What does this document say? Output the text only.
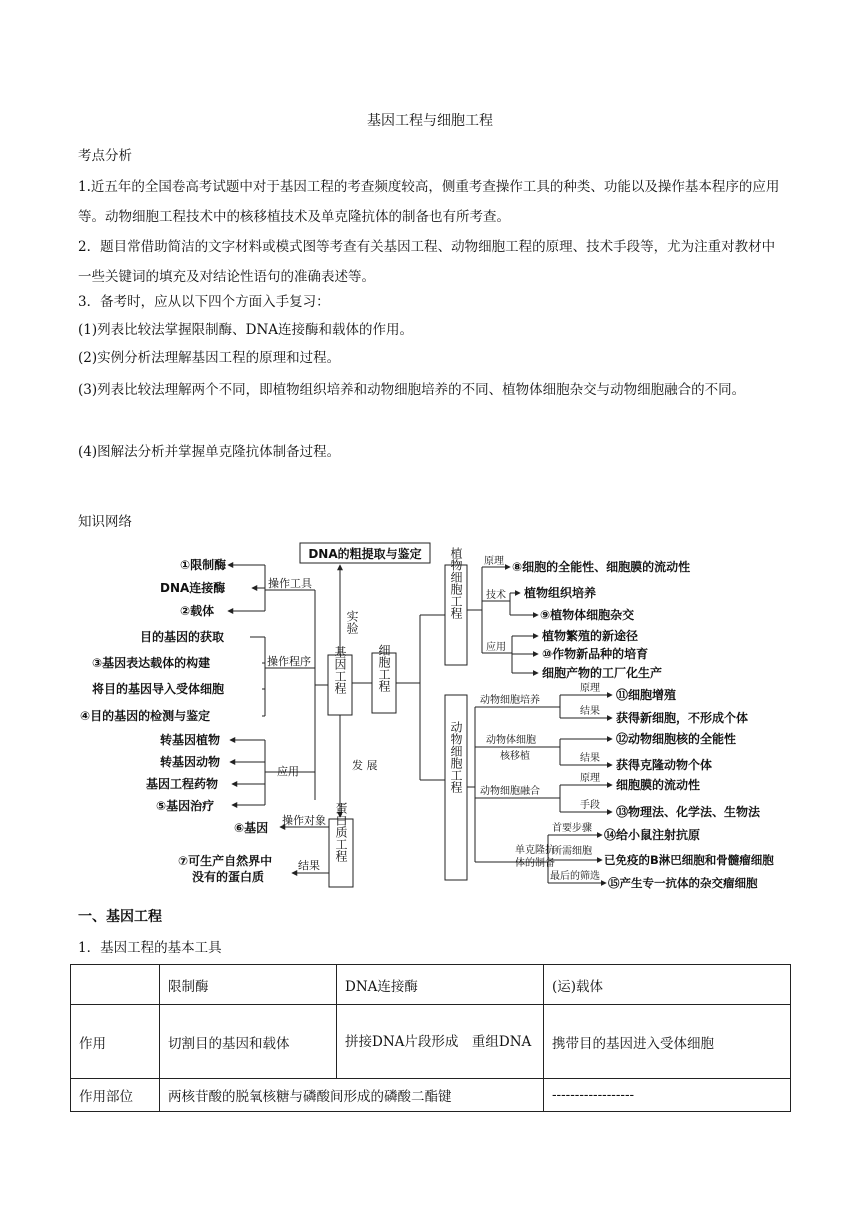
基因工程与细胞工程
考点分析
1.近五年的全国卷高考试题中对于基因工程的考查频度较高，侧重考查操作工具的种类、功能以及操作基本程序的应用等。动物细胞工程技术中的核移植技术及单克隆抗体的制备也有所考查。
2．题目常借助简洁的文字材料或模式图等考查有关基因工程、动物细胞工程的原理、技术手段等，尤为注重对教材中一些关键词的填充及对结论性语句的准确表述等。
3．备考时，应从以下四个方面入手复习：
(1)列表比较法掌握限制酶、DNA连接酶和载体的作用。
(2)实例分析法理解基因工程的原理和过程。
(3)列表比较法理解两个不同，即植物组织培养和动物细胞培养的不同、植物体细胞杂交与动物细胞融合的不同。
(4)图解法分析并掌握单克隆抗体制备过程。
知识网络
DNA的粗提取与鉴定
实验
基因工程	细胞工程
发 展
蛋白质工程
操作工具
①限制酶
DNA连接酶
②载体
操作程序
目的基因的获取
③基因表达载体的构建
将目的基因导入受体细胞
④目的基因的检测与鉴定
应用
转基因植物
转基因动物
基因工程药物
⑤基因治疗
操作对象
⑥基因
结果
⑦可生产自然界中
没有的蛋白质
植物细胞工程 原理 ⑧细胞的全能性、细胞膜的流动性
技术 植物组织培养
⑨植物体细胞杂交
应用
植物繁殖的新途径
⑩作物新品种的培育
细胞产物的工厂化生产
动物细胞工程
动物细胞培养
原理
结果
⑪细胞增殖
获得新细胞，不形成个体
动物体细胞
核移植	结果
⑫动物细胞核的全能性
获得克隆动物个体
动物细胞融合
原理
手段
细胞膜的流动性
⑬物理法、化学法、生物法
单克隆抗
体的制备
首要步骤
所需细胞
最后的筛选
⑭给小鼠注射抗原
已免疫的B淋巴细胞和骨髓瘤细胞
⑮产生专一抗体的杂交瘤细胞
一、基因工程
1．基因工程的基本工具
	限制酶	DNA连接酶	(运)载体
作用	切割目的基因和载体	拼接DNA片段形成　重组DNA	携带目的基因进入受体细胞
作用部位	两核苷酸的脱氧核糖与磷酸间形成的磷酸二酯键		------------------
